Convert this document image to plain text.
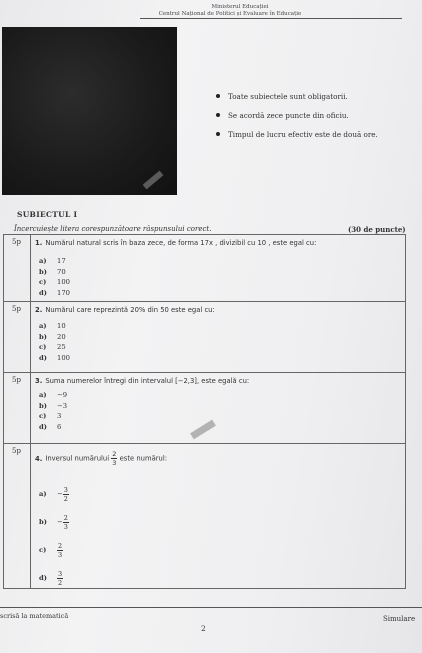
Ministerul Educației
Centrul Național de Politici și Evaluare în Educație
Toate subiectele sunt obligatorii.
Se acordă zece puncte din oficiu.
Timpul de lucru efectiv este de două ore.
SUBIECTUL I
Încercuiește litera corespunzătoare răspunsului corect.	(30 de puncte)
5p 1. Numărul natural scris în baza zece, de forma 17x , divizibil cu 10 , este egal cu:
a)	17
b)	70
c)	100
d)	170
5p 2. Numărul care reprezintă 20% din 50 este egal cu:
a)	10
b)	20
c)	25
d)	100
5p 3. Suma numerelor întregi din intervalul [−2,3], este egală cu:
a)	−9
b)	−3
c)	3
d)	6
5p
4. Inversul numărului $\frac{2}{3}$ este numărul:
a)	− $\frac{3}{2}$
b)	− $\frac{2}{3}$
c)	$\frac{2}{3}$
d)	$\frac{3}{2}$
scrisă la matematică	Simulare
2
